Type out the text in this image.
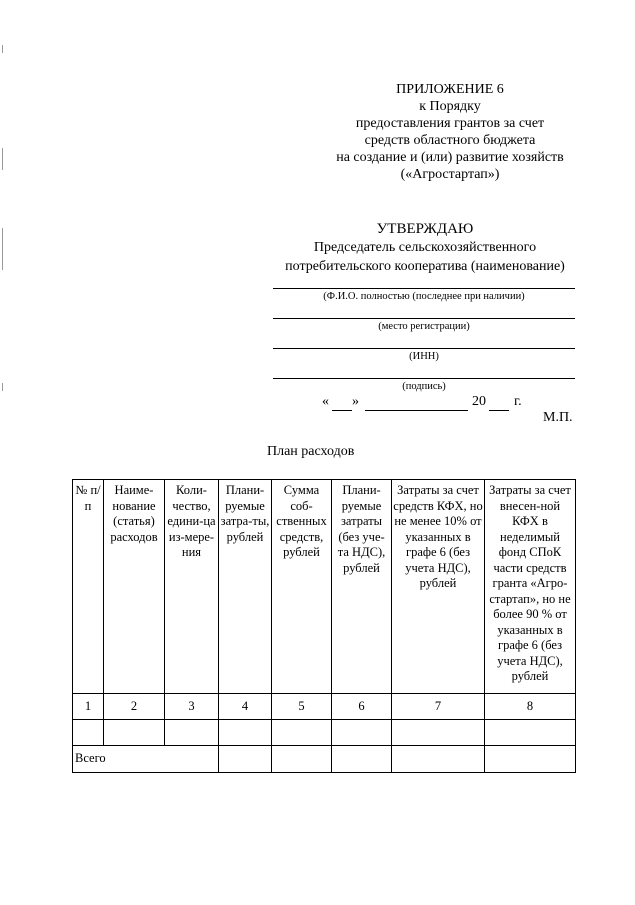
ПРИЛОЖЕНИЕ 6
к Порядку
предоставления грантов за счет
средств областного бюджета
на создание и (или) развитие хозяйств
(«Агростартап»)
УТВЕРЖДАЮ
Председатель сельскохозяйственного
потребительского кооператива (наименование)
(Ф.И.О. полностью (последнее при наличии)
(место регистрации)
(ИНН)
(подпись)
« »	20 г.
М.П.
План расходов
№ п/п	Наиме-нование (статья) расходов	Коли-чество, едини-ца из-мере-ния	Плани-руемые затра-ты, рублей	Сумма соб-ственных средств, рублей	Плани-руемые затраты (без уче-та НДС), рублей	Затраты за счет средств КФХ, но не менее 10% от указанных в графе 6 (без учета НДС), рублей	Затраты за счет внесен-ной КФХ в неделимый фонд СПоК части средств гранта «Агро-стартап», но не более 90 % от указанных в графе 6 (без учета НДС), рублей
1	2	3	4	5	6	7	8

Всего							
